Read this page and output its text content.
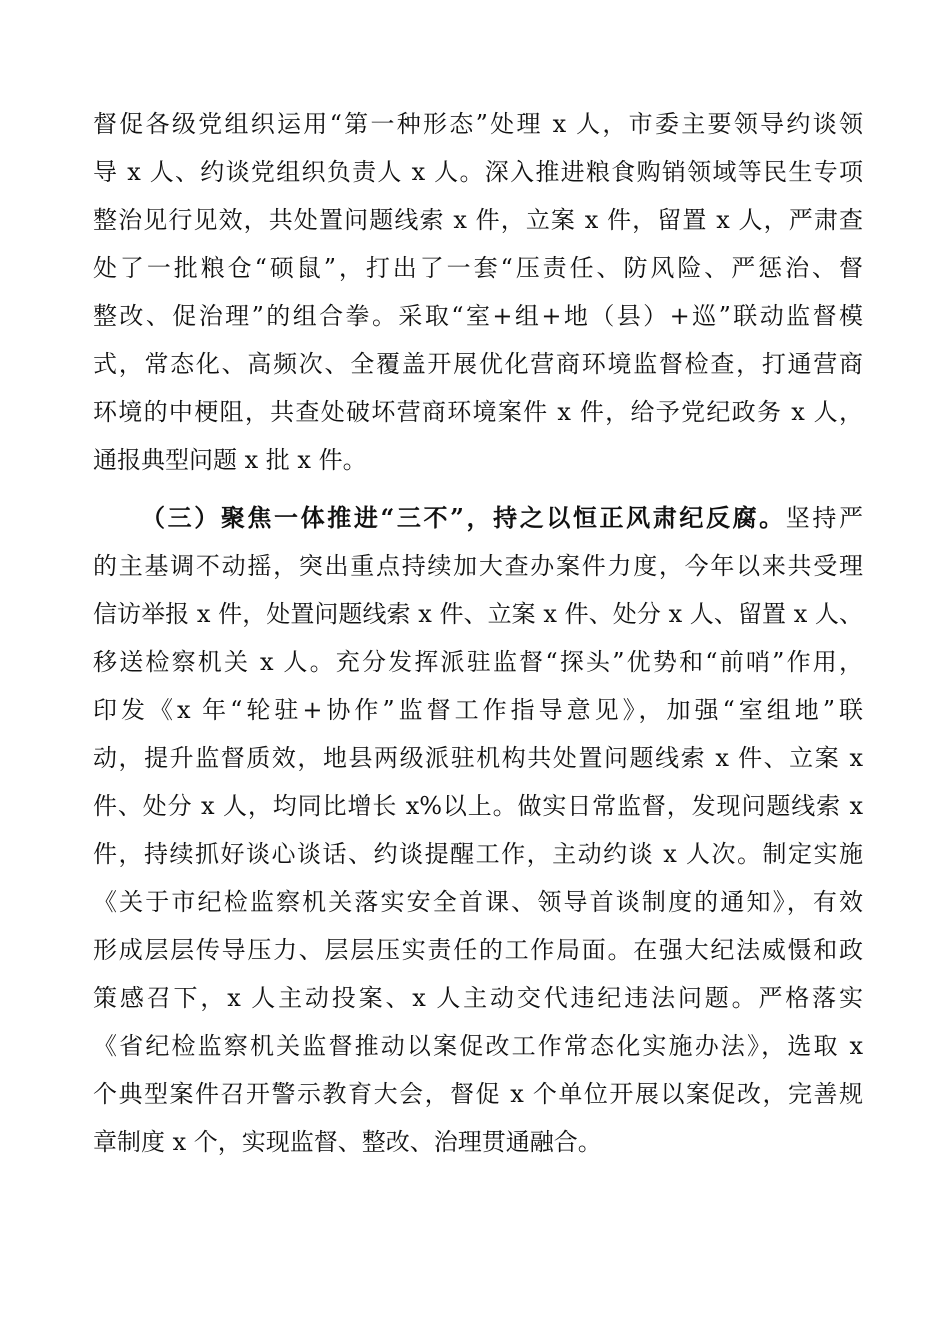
督促各级党组织运用“第一种形态”处理 x 人，市委主要领导约谈领
导 x 人、约谈党组织负责人 x 人。深入推进粮食购销领域等民生专项
整治见行见效，共处置问题线索 x 件，立案 x 件，留置 x 人，严肃查
处了一批粮仓“硕鼠”，打出了一套“压责任、防风险、严惩治、督
整改、促治理”的组合拳。采取“室+组+地（县）+巡”联动监督模
式，常态化、高频次、全覆盖开展优化营商环境监督检查，打通营商
环境的中梗阻，共查处破坏营商环境案件 x 件，给予党纪政务 x 人，
通报典型问题 x 批 x 件。
（三）聚焦一体推进“三不”，持之以恒正风肃纪反腐。坚持严
的主基调不动摇，突出重点持续加大查办案件力度，今年以来共受理
信访举报 x 件，处置问题线索 x 件、立案 x 件、处分 x 人、留置 x 人、
移送检察机关 x 人。充分发挥派驻监督“探头”优势和“前哨”作用，
印发《x 年“轮驻+协作”监督工作指导意见》，加强“室组地”联
动，提升监督质效，地县两级派驻机构共处置问题线索 x 件、立案 x
件、处分 x 人，均同比增长 x%以上。做实日常监督，发现问题线索 x
件，持续抓好谈心谈话、约谈提醒工作，主动约谈 x 人次。制定实施
《关于市纪检监察机关落实安全首课、领导首谈制度的通知》，有效
形成层层传导压力、层层压实责任的工作局面。在强大纪法威慑和政
策感召下，x 人主动投案、x 人主动交代违纪违法问题。严格落实
《省纪检监察机关监督推动以案促改工作常态化实施办法》，选取 x
个典型案件召开警示教育大会，督促 x 个单位开展以案促改，完善规
章制度 x 个，实现监督、整改、治理贯通融合。
